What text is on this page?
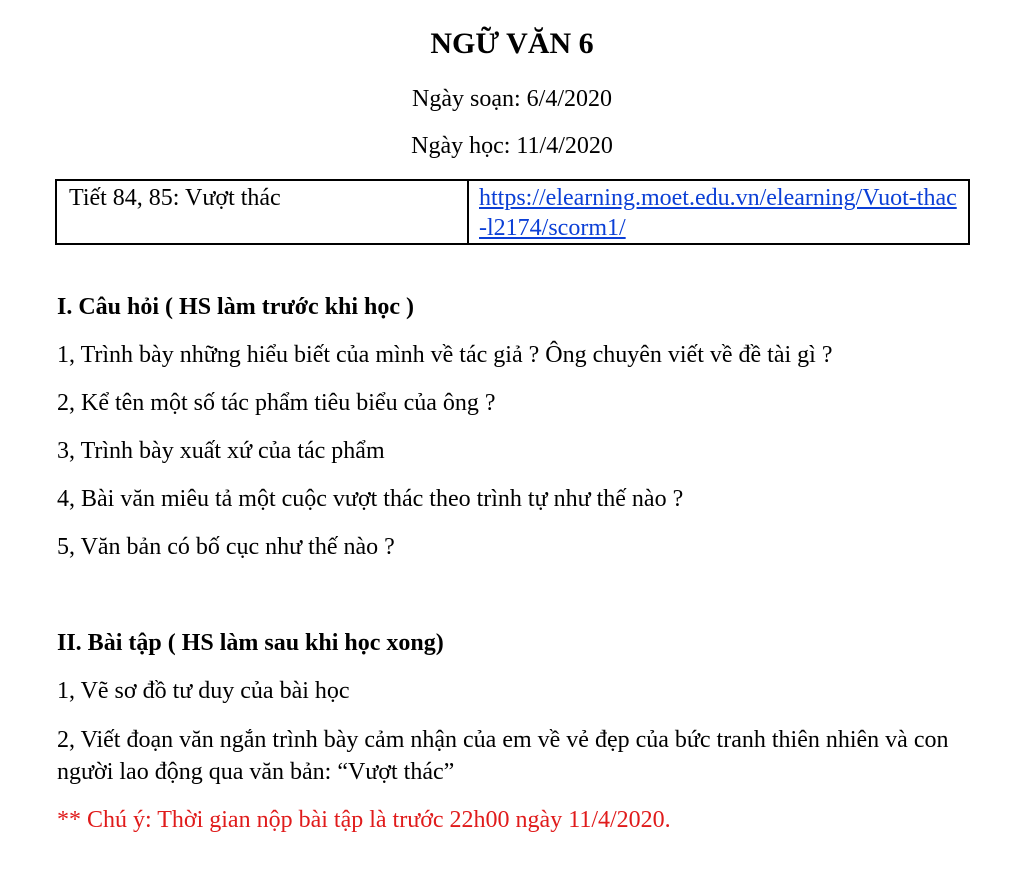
NGỮ VĂN 6
Ngày soạn: 6/4/2020
Ngày học: 11/4/2020
Tiết 84, 85: Vượt thác	https://elearning.moet.edu.vn/elearning/Vuot-thac-l2174/scorm1/
I. Câu hỏi ( HS làm trước khi học )
1, Trình bày những hiểu biết của mình về tác giả ? Ông chuyên viết về đề tài gì ?
2, Kể tên một số tác phẩm tiêu biểu của ông ?
3, Trình bày xuất xứ của tác phẩm
4, Bài văn miêu tả một cuộc vượt thác theo trình tự như thế nào ?
5, Văn bản có bố cục như thế nào ?
II. Bài tập ( HS làm sau khi học xong)
1, Vẽ sơ đồ tư duy của bài học
2, Viết đoạn văn ngắn trình bày cảm nhận của em về vẻ đẹp của bức tranh thiên nhiên và con người lao động qua văn bản: “Vượt thác”
** Chú ý: Thời gian nộp bài tập là trước 22h00 ngày 11/4/2020.
